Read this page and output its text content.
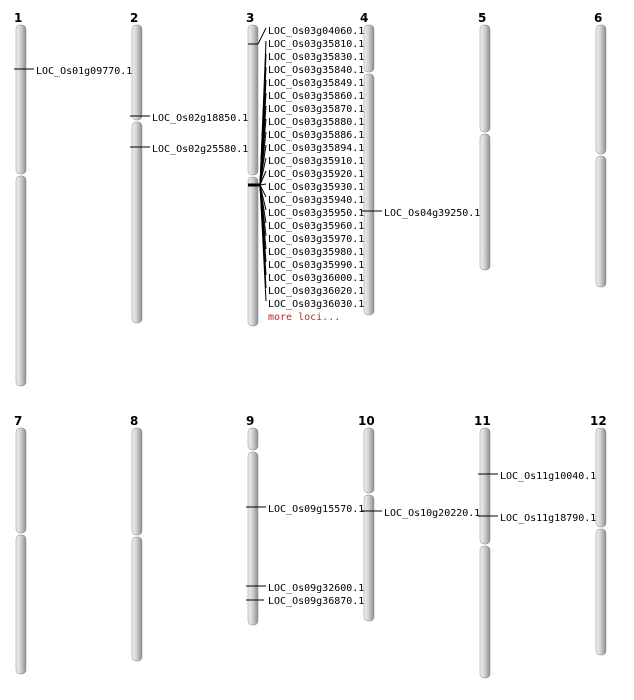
1
LOC_Os01g09770.1
2
LOC_Os02g18850.1
LOC_Os02g25580.1
3
LOC_Os03g04060.1
LOC_Os03g35810.1
LOC_Os03g35830.1
LOC_Os03g35840.1
LOC_Os03g35849.1
LOC_Os03g35860.1
LOC_Os03g35870.1
LOC_Os03g35880.1
LOC_Os03g35886.1
LOC_Os03g35894.1
LOC_Os03g35910.1
LOC_Os03g35920.1
LOC_Os03g35930.1
LOC_Os03g35940.1
LOC_Os03g35950.1
LOC_Os03g35960.1
LOC_Os03g35970.1
LOC_Os03g35980.1
LOC_Os03g35990.1
LOC_Os03g36000.1
LOC_Os03g36020.1
LOC_Os03g36030.1
more loci...
4
LOC_Os04g39250.1
5	6
7	8	9
LOC_Os09g15570.1
LOC_Os09g32600.1
LOC_Os09g36870.1
10
LOC_Os10g20220.1
11
LOC_Os11g10040.1
LOC_Os11g18790.1
12
